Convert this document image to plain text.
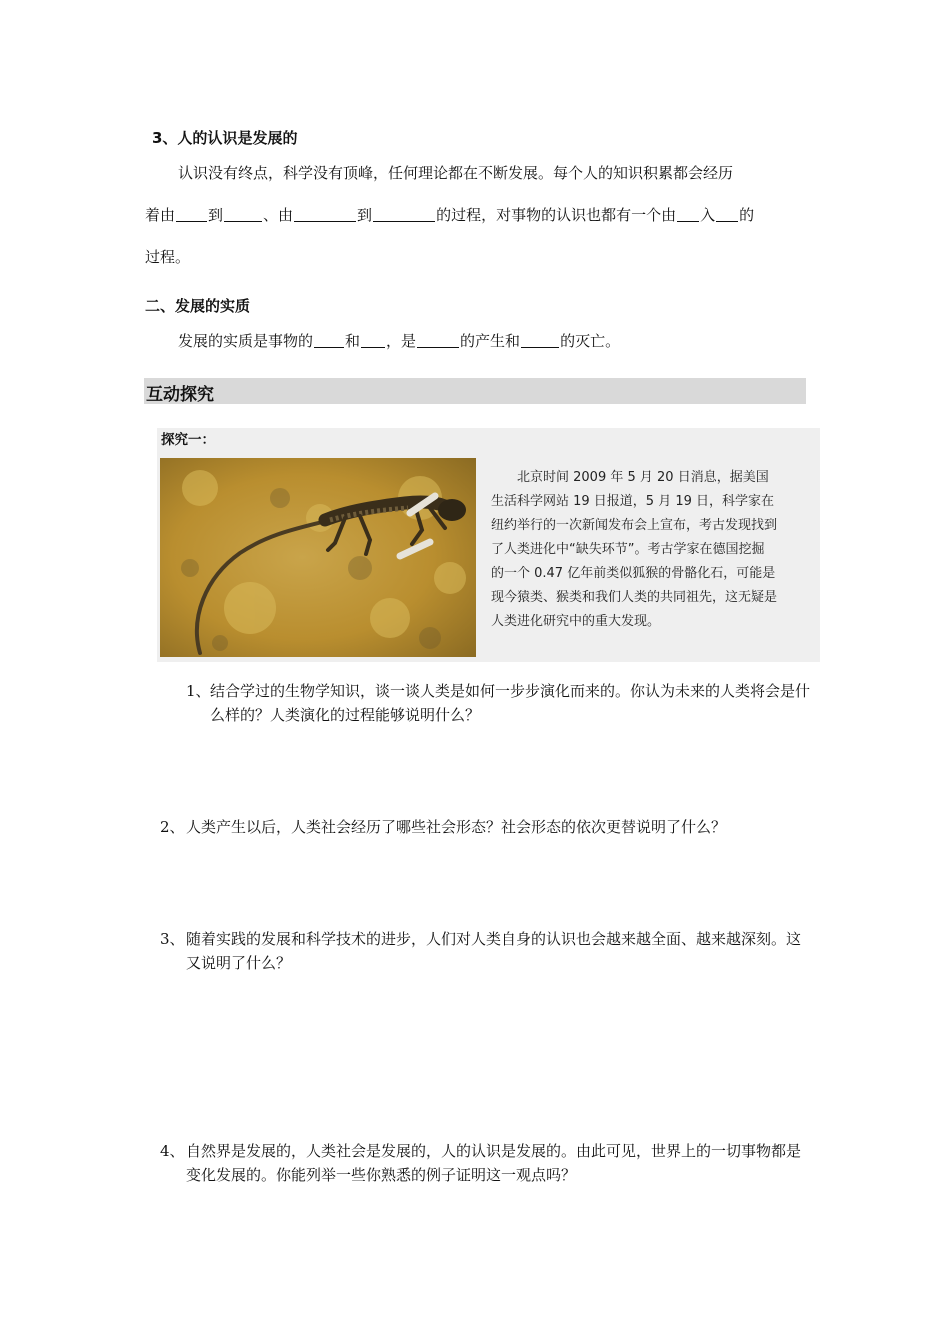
3、人的认识是发展的
认识没有终点，科学没有顶峰，任何理论都在不断发展。每个人的知识积累都会经历
着由 到	、由	到	的过程，对事物的认识也都有一个由 入 的
过程。
二、发展的实质
发展的实质是事物的 和 ，是	的产生和	的灭亡。
互动探究
探究一：
北京时间 2009 年 5 月 20 日消息，据美国生活科学网站 19 日报道，5 月 19 日，科学家在纽约举行的一次新闻发布会上宣布，考古发现找到了人类进化中“缺失环节”。考古学家在德国挖掘的一个 0.47 亿年前类似狐猴的骨骼化石，可能是现今猿类、猴类和我们人类的共同祖先，这无疑是人类进化研究中的重大发现。
1、 结合学过的生物学知识，谈一谈人类是如何一步步演化而来的。你认为未来的人类将会是什么样的？人类演化的过程能够说明什么？
2、 人类产生以后，人类社会经历了哪些社会形态？社会形态的依次更替说明了什么？
3、 随着实践的发展和科学技术的进步，人们对人类自身的认识也会越来越全面、越来越深刻。这又说明了什么？
4、 自然界是发展的，人类社会是发展的，人的认识是发展的。由此可见，世界上的一切事物都是变化发展的。你能列举一些你熟悉的例子证明这一观点吗？
